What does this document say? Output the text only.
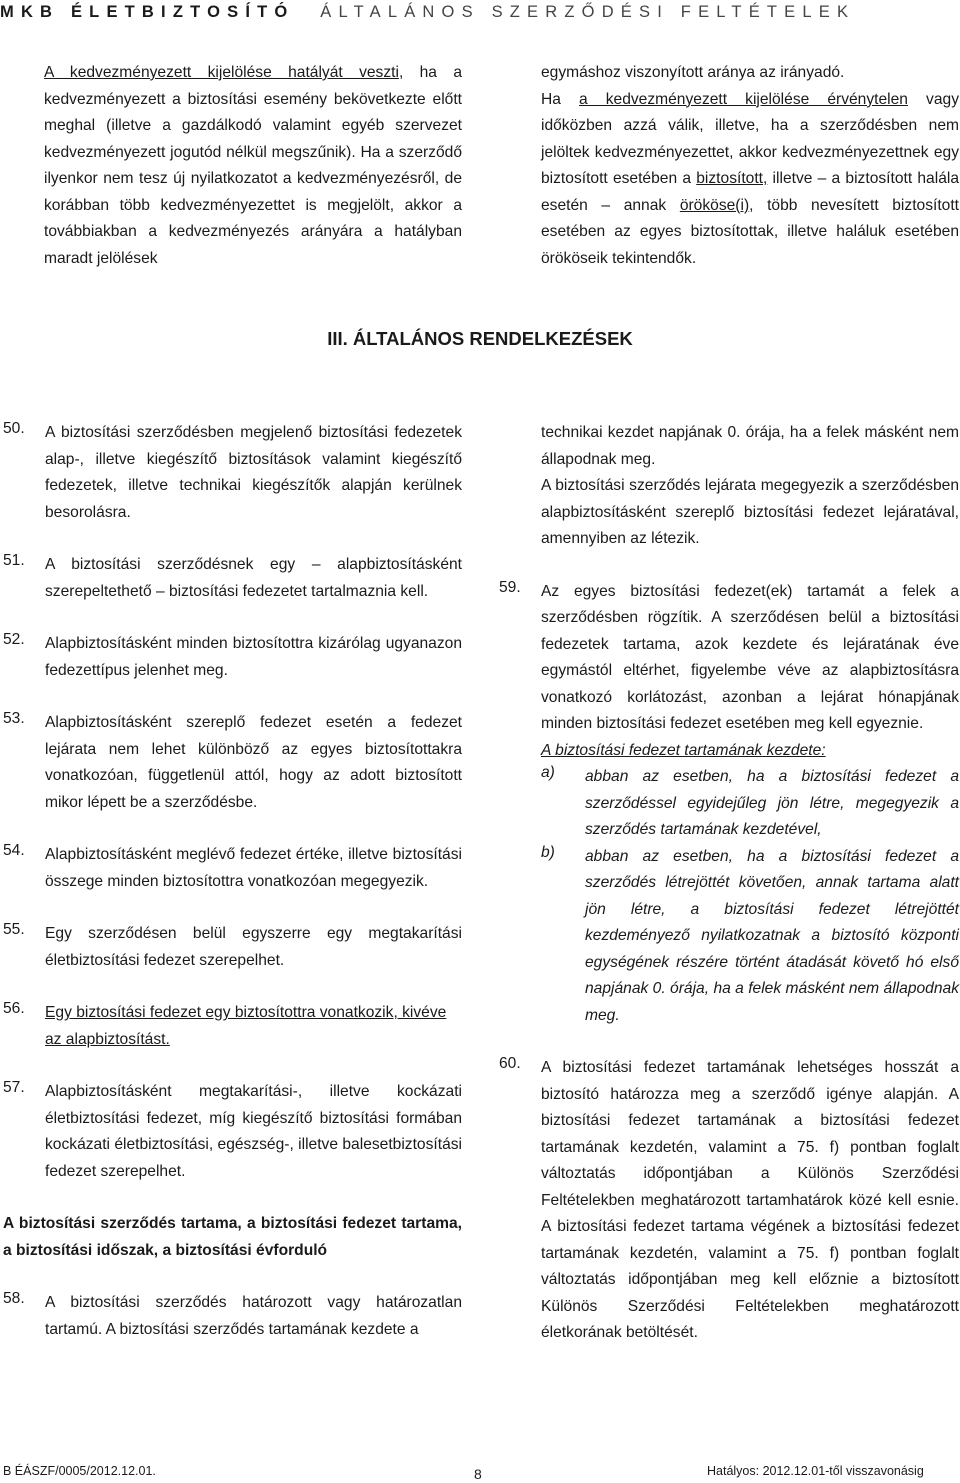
MKB ÉLETBIZTOSÍTÓ ÁLTALÁNOS SZERZŐDÉSI FELTÉTELEK

A kedvezményezett kijelölése hatályát veszti, ha a kedvezményezett a biztosítási esemény bekövetkezte előtt meghal (illetve a gazdálkodó valamint egyéb szervezet kedvezményezett jogutód nélkül megszűnik). Ha a szerződő ilyenkor nem tesz új nyilatkozatot a kedvezményezésről, de korábban több kedvezményezettet is megjelölt, akkor a továbbiakban a kedvezményezés arányára a hatályban maradt jelölések

egymáshoz viszonyított aránya az irányadó.

Ha a kedvezményezett kijelölése érvénytelen vagy időközben azzá válik, illetve, ha a szerződésben nem jelöltek kedvezményezettet, akkor kedvezményezettnek egy biztosított esetében a biztosított, illetve – a biztosított halála esetén – annak örököse(i), több nevesített biztosított esetében az egyes biztosítottak, illetve haláluk esetében örököseik tekintendők.

III. ÁLTALÁNOS RENDELKEZÉSEK
50. A biztosítási szerződésben megjelenő biztosítási fedezetek alap-, illetve kiegészítő biztosítások valamint kiegészítő fedezetek, illetve technikai kiegészítők alapján kerülnek besorolásra.
51. A biztosítási szerződésnek egy – alapbiztosításként szerepeltethető – biztosítási fedezetet tartalmaznia kell.
52. Alapbiztosításként minden biztosítottra kizárólag ugyanazon fedezettípus jelenhet meg.
53. Alapbiztosításként szereplő fedezet esetén a fedezet lejárata nem lehet különböző az egyes biztosítottakra vonatkozóan, függetlenül attól, hogy az adott biztosított mikor lépett be a szerződésbe.
54. Alapbiztosításként meglévő fedezet értéke, illetve biztosítási összege minden biztosítottra vonatkozóan megegyezik.
55. Egy szerződésen belül egyszerre egy megtakarítási életbiztosítási fedezet szerepelhet.
56. Egy biztosítási fedezet egy biztosítottra vonatkozik, kivéve az alapbiztosítást.
57. Alapbiztosításként megtakarítási-, illetve kockázati életbiztosítási fedezet, míg kiegészítő biztosítási formában kockázati életbiztosítási, egészség-, illetve balesetbiztosítási fedezet szerepelhet.
A biztosítási szerződés tartama, a biztosítási fedezet tartama, a biztosítási időszak, a biztosítási évforduló
58. A biztosítási szerződés határozott vagy határozatlan tartamú. A biztosítási szerződés tartamának kezdete a

technikai kezdet napjának 0. órája, ha a felek másként nem állapodnak meg.

A biztosítási szerződés lejárata megegyezik a szerződésben alapbiztosításként szereplő biztosítási fedezet lejáratával, amennyiben az létezik.

59. Az egyes biztosítási fedezet(ek) tartamát a felek a szerződésben rögzítik. A szerződésen belül a biztosítási fedezetek tartama, azok kezdete és lejáratának éve egymástól eltérhet, figyelembe véve az alapbiztosításra vonatkozó korlátozást, azonban a lejárat hónapjának minden biztosítási fedezet esetében meg kell egyeznie.
A biztosítási fedezet tartamának kezdete:
a) abban az esetben, ha a biztosítási fedezet a szerződéssel egyidejűleg jön létre, megegyezik a szerződés tartamának kezdetével,
b) abban az esetben, ha a biztosítási fedezet a szerződés létrejöttét követően, annak tartama alatt jön létre, a biztosítási fedezet létrejöttét kezdeményező nyilatkozatnak a biztosító központi egységének részére történt átadását követő hó első napjának 0. órája, ha a felek másként nem állapodnak meg.
60. A biztosítási fedezet tartamának lehetséges hosszát a biztosító határozza meg a szerződő igénye alapján. A biztosítási fedezet tartamának a biztosítási fedezet tartamának kezdetén, valamint a 75. f) pontban foglalt változtatás időpontjában a Különös Szerződési Feltételekben meghatározott tartamhatárok közé kell esnie. A biztosítási fedezet tartama végének a biztosítási fedezet tartamának kezdetén, valamint a 75. f) pontban foglalt változtatás időpontjában meg kell előznie a biztosított Különös Szerződési Feltételekben meghatározott életkorának betöltését.
B ÉÁSZF/0005/2012.12.01.	8	Hatályos: 2012.12.01-től visszavonásig
